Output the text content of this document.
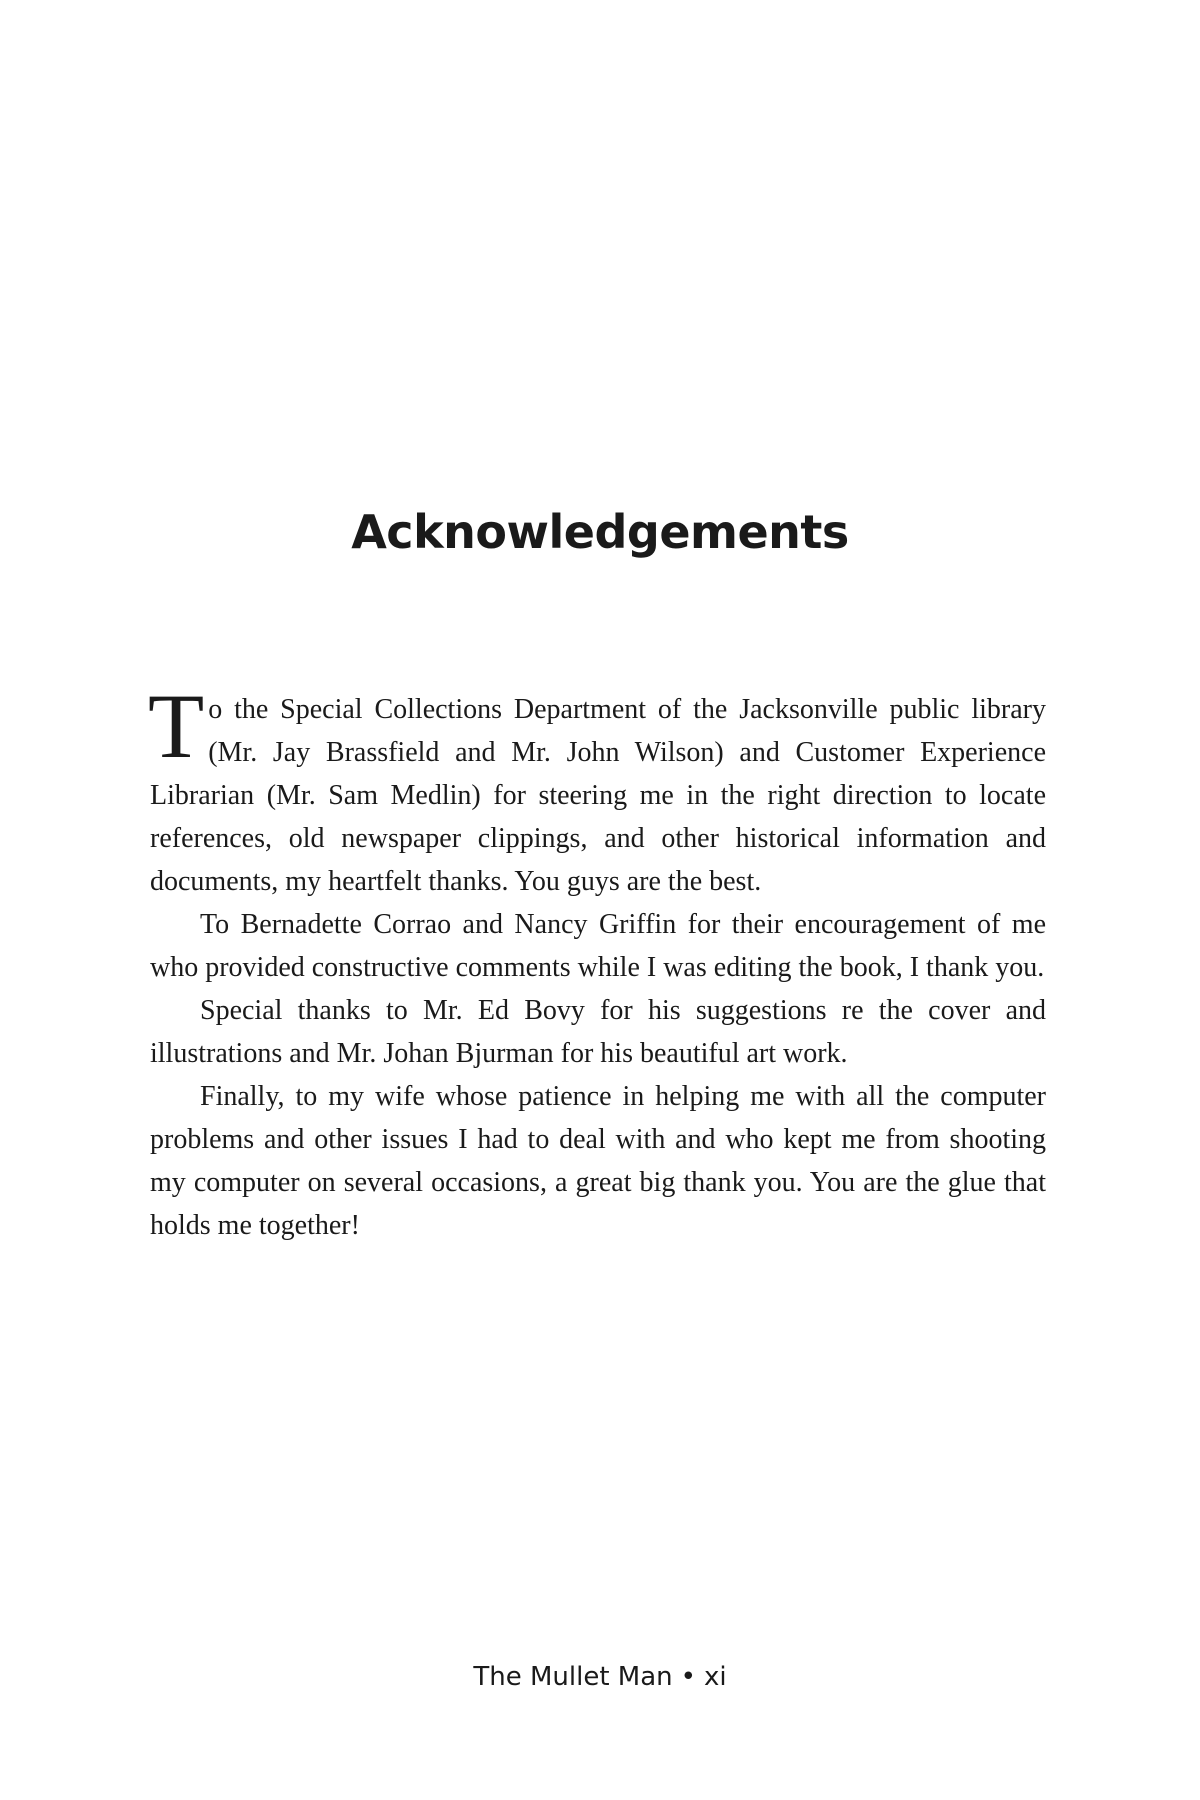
Acknowledgements

To the Special Collections Department of the Jacksonville public library (Mr. Jay Brassfield and Mr. John Wilson) and Customer Experience Librarian (Mr. Sam Medlin) for steering me in the right direction to locate references, old newspaper clippings, and other historical information and documents, my heartfelt thanks. You guys are the best.

To Bernadette Corrao and Nancy Griffin for their encouragement of me who provided constructive comments while I was editing the book, I thank you.

Special thanks to Mr. Ed Bovy for his suggestions re the cover and illustrations and Mr. Johan Bjurman for his beautiful art work.

Finally, to my wife whose patience in helping me with all the computer problems and other issues I had to deal with and who kept me from shooting my computer on several occasions, a great big thank you. You are the glue that holds me together!

The Mullet Man • xi
